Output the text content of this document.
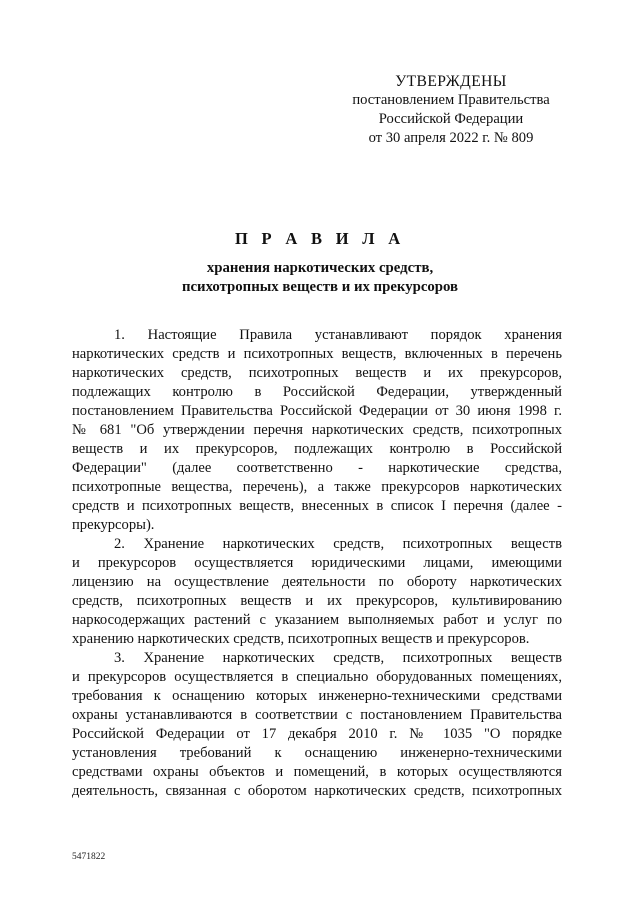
УТВЕРЖДЕНЫ
постановлением Правительства
Российской Федерации
от 30 апреля 2022 г. № 809
П Р А В И Л А
хранения наркотических средств,
психотропных веществ и их прекурсоров
1. Настоящие Правила устанавливают порядок хранения
наркотических средств и психотропных веществ, включенных в перечень
наркотических средств, психотропных веществ и их прекурсоров,
подлежащих контролю в Российской Федерации, утвержденный
постановлением Правительства Российской Федерации от 30 июня 1998 г.
№ 681 "Об утверждении перечня наркотических средств, психотропных
веществ и их прекурсоров, подлежащих контролю в Российской
Федерации" (далее соответственно - наркотические средства,
психотропные вещества, перечень), а также прекурсоров наркотических
средств и психотропных веществ, внесенных в список I перечня (далее -
прекурсоры).
2. Хранение наркотических средств, психотропных веществ
и прекурсоров осуществляется юридическими лицами, имеющими
лицензию на осуществление деятельности по обороту наркотических
средств, психотропных веществ и их прекурсоров, культивированию
наркосодержащих растений с указанием выполняемых работ и услуг по
хранению наркотических средств, психотропных веществ и прекурсоров.
3. Хранение наркотических средств, психотропных веществ
и прекурсоров осуществляется в специально оборудованных помещениях,
требования к оснащению которых инженерно-техническими средствами
охраны устанавливаются в соответствии с постановлением Правительства
Российской Федерации от 17 декабря 2010 г. № 1035 "О порядке
установления требований к оснащению инженерно-техническими
средствами охраны объектов и помещений, в которых осуществляются
деятельность, связанная с оборотом наркотических средств, психотропных
5471822
